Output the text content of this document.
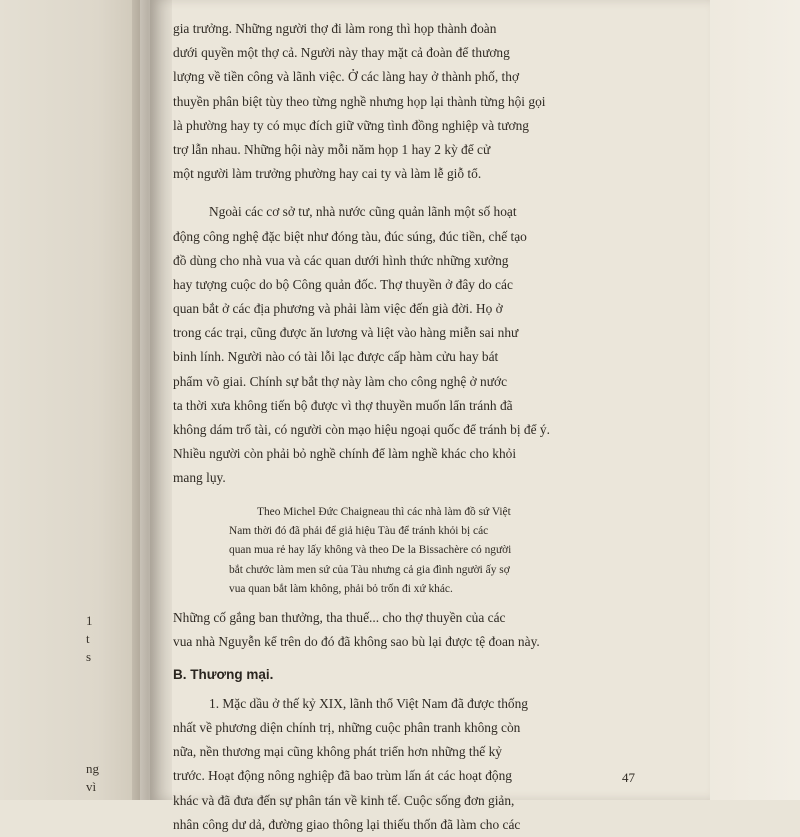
1
t
s
ng
vì
gia trưởng. Những người thợ đi làm rong thì họp thành đoàn
dưới quyền một thợ cả. Người này thay mặt cả đoàn để thương
lượng về tiền công và lãnh việc. Ở các làng hay ở thành phố, thợ
thuyền phân biệt tùy theo từng nghề nhưng họp lại thành từng hội gọi
là phường hay ty có mục đích giữ vững tình đồng nghiệp và tương
trợ lẫn nhau. Những hội này mỗi năm họp 1 hay 2 kỳ để cử
một người làm trưởng phường hay cai ty và làm lễ giỗ tổ.
Ngoài các cơ sở tư, nhà nước cũng quản lãnh một số hoạt
động công nghệ đặc biệt như đóng tàu, đúc súng, đúc tiền, chế tạo
đồ dùng cho nhà vua và các quan dưới hình thức những xưởng
hay tượng cuộc do bộ Công quản đốc. Thợ thuyền ở đây do các
quan bắt ở các địa phương và phải làm việc đến già đời. Họ ở
trong các trại, cũng được ăn lương và liệt vào hàng miễn sai như
binh lính. Người nào có tài lỗi lạc được cấp hàm cửu hay bát
phẩm võ giai. Chính sự bắt thợ này làm cho công nghệ ở nước
ta thời xưa không tiến bộ được vì thợ thuyền muốn lẩn tránh đã
không dám trổ tài, có người còn mạo hiệu ngoại quốc để tránh bị để ý.
Nhiều người còn phải bỏ nghề chính để làm nghề khác cho khỏi
mang lụy.
Theo Michel Đức Chaigneau thì các nhà làm đồ sứ Việt
Nam thời đó đã phải để giả hiệu Tàu để tránh khỏi bị các
quan mua rẻ hay lấy không và theo De la Bissachère có người
bắt chước làm men sứ của Tàu nhưng cả gia đình người ấy sợ
vua quan bắt làm không, phải bỏ trốn đi xứ khác.
Những cố gắng ban thưởng, tha thuế... cho thợ thuyền của các
vua nhà Nguyễn kể trên do đó đã không sao bù lại được tệ đoan này.
B. Thương mại.
1. Mặc dầu ở thế kỷ XIX, lãnh thổ Việt Nam đã được thống
nhất về phương diện chính trị, những cuộc phân tranh không còn
nữa, nền thương mại cũng không phát triển hơn những thế kỷ
trước. Hoạt động nông nghiệp đã bao trùm lấn át các hoạt động
khác và đã đưa đến sự phân tán về kinh tế. Cuộc sống đơn giản,
nhân công dư dả, đường giao thông lại thiếu thốn đã làm cho các
47
